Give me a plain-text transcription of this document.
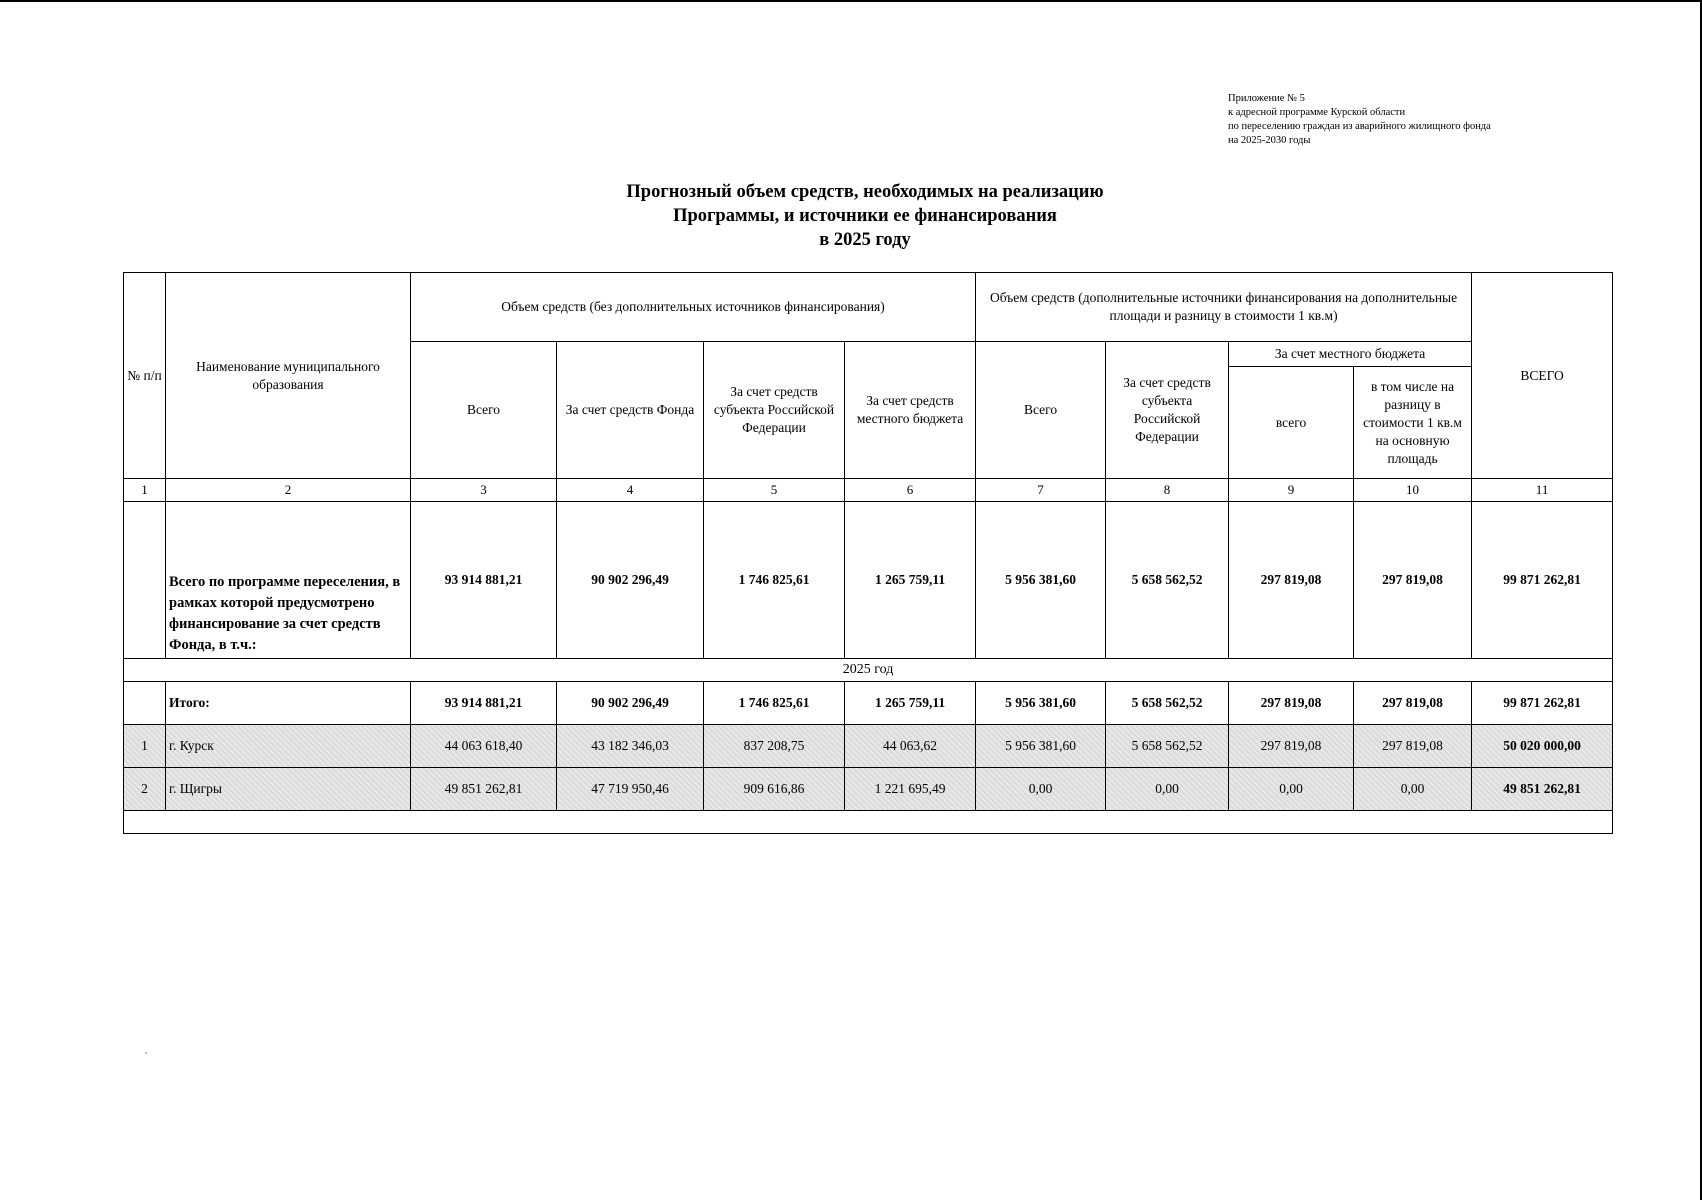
Приложение № 5
к адресной программе Курской области
по переселению граждан из аварийного жилищного фонда
на 2025-2030 годы
Прогнозный объем средств, необходимых на реализацию
Программы, и источники ее финансирования
в 2025 году
№ п/п	Наименование муниципального образования	Объем средств (без дополнительных источников финансирования)				Объем средств (дополнительные источники финансирования на дополнительные площади и разницу в стоимости 1 кв.м)				ВСЕГО
		Всего	За счет средств Фонда	За счет средств субъекта Российской Федерации	За счет средств местного бюджета	Всего	За счет средств субъекта Российской Федерации	За счет местного бюджета		
								всего	в том числе на разницу в стоимости 1 кв.м на основную площадь	
1	2	3	4	5	6	7	8	9	10	11
	Всего по программе переселения, в рамках которой предусмотрено финансирование за счет средств Фонда, в т.ч.:	93 914 881,21	90 902 296,49	1 746 825,61	1 265 759,11	5 956 381,60	5 658 562,52	297 819,08	297 819,08	99 871 262,81
2025 год										
	Итого:	93 914 881,21	90 902 296,49	1 746 825,61	1 265 759,11	5 956 381,60	5 658 562,52	297 819,08	297 819,08	99 871 262,81
1	г. Курск	44 063 618,40	43 182 346,03	837 208,75	44 063,62	5 956 381,60	5 658 562,52	297 819,08	297 819,08	50 020 000,00
2	г. Щигры	49 851 262,81	47 719 950,46	909 616,86	1 221 695,49	0,00	0,00	0,00	0,00	49 851 262,81
